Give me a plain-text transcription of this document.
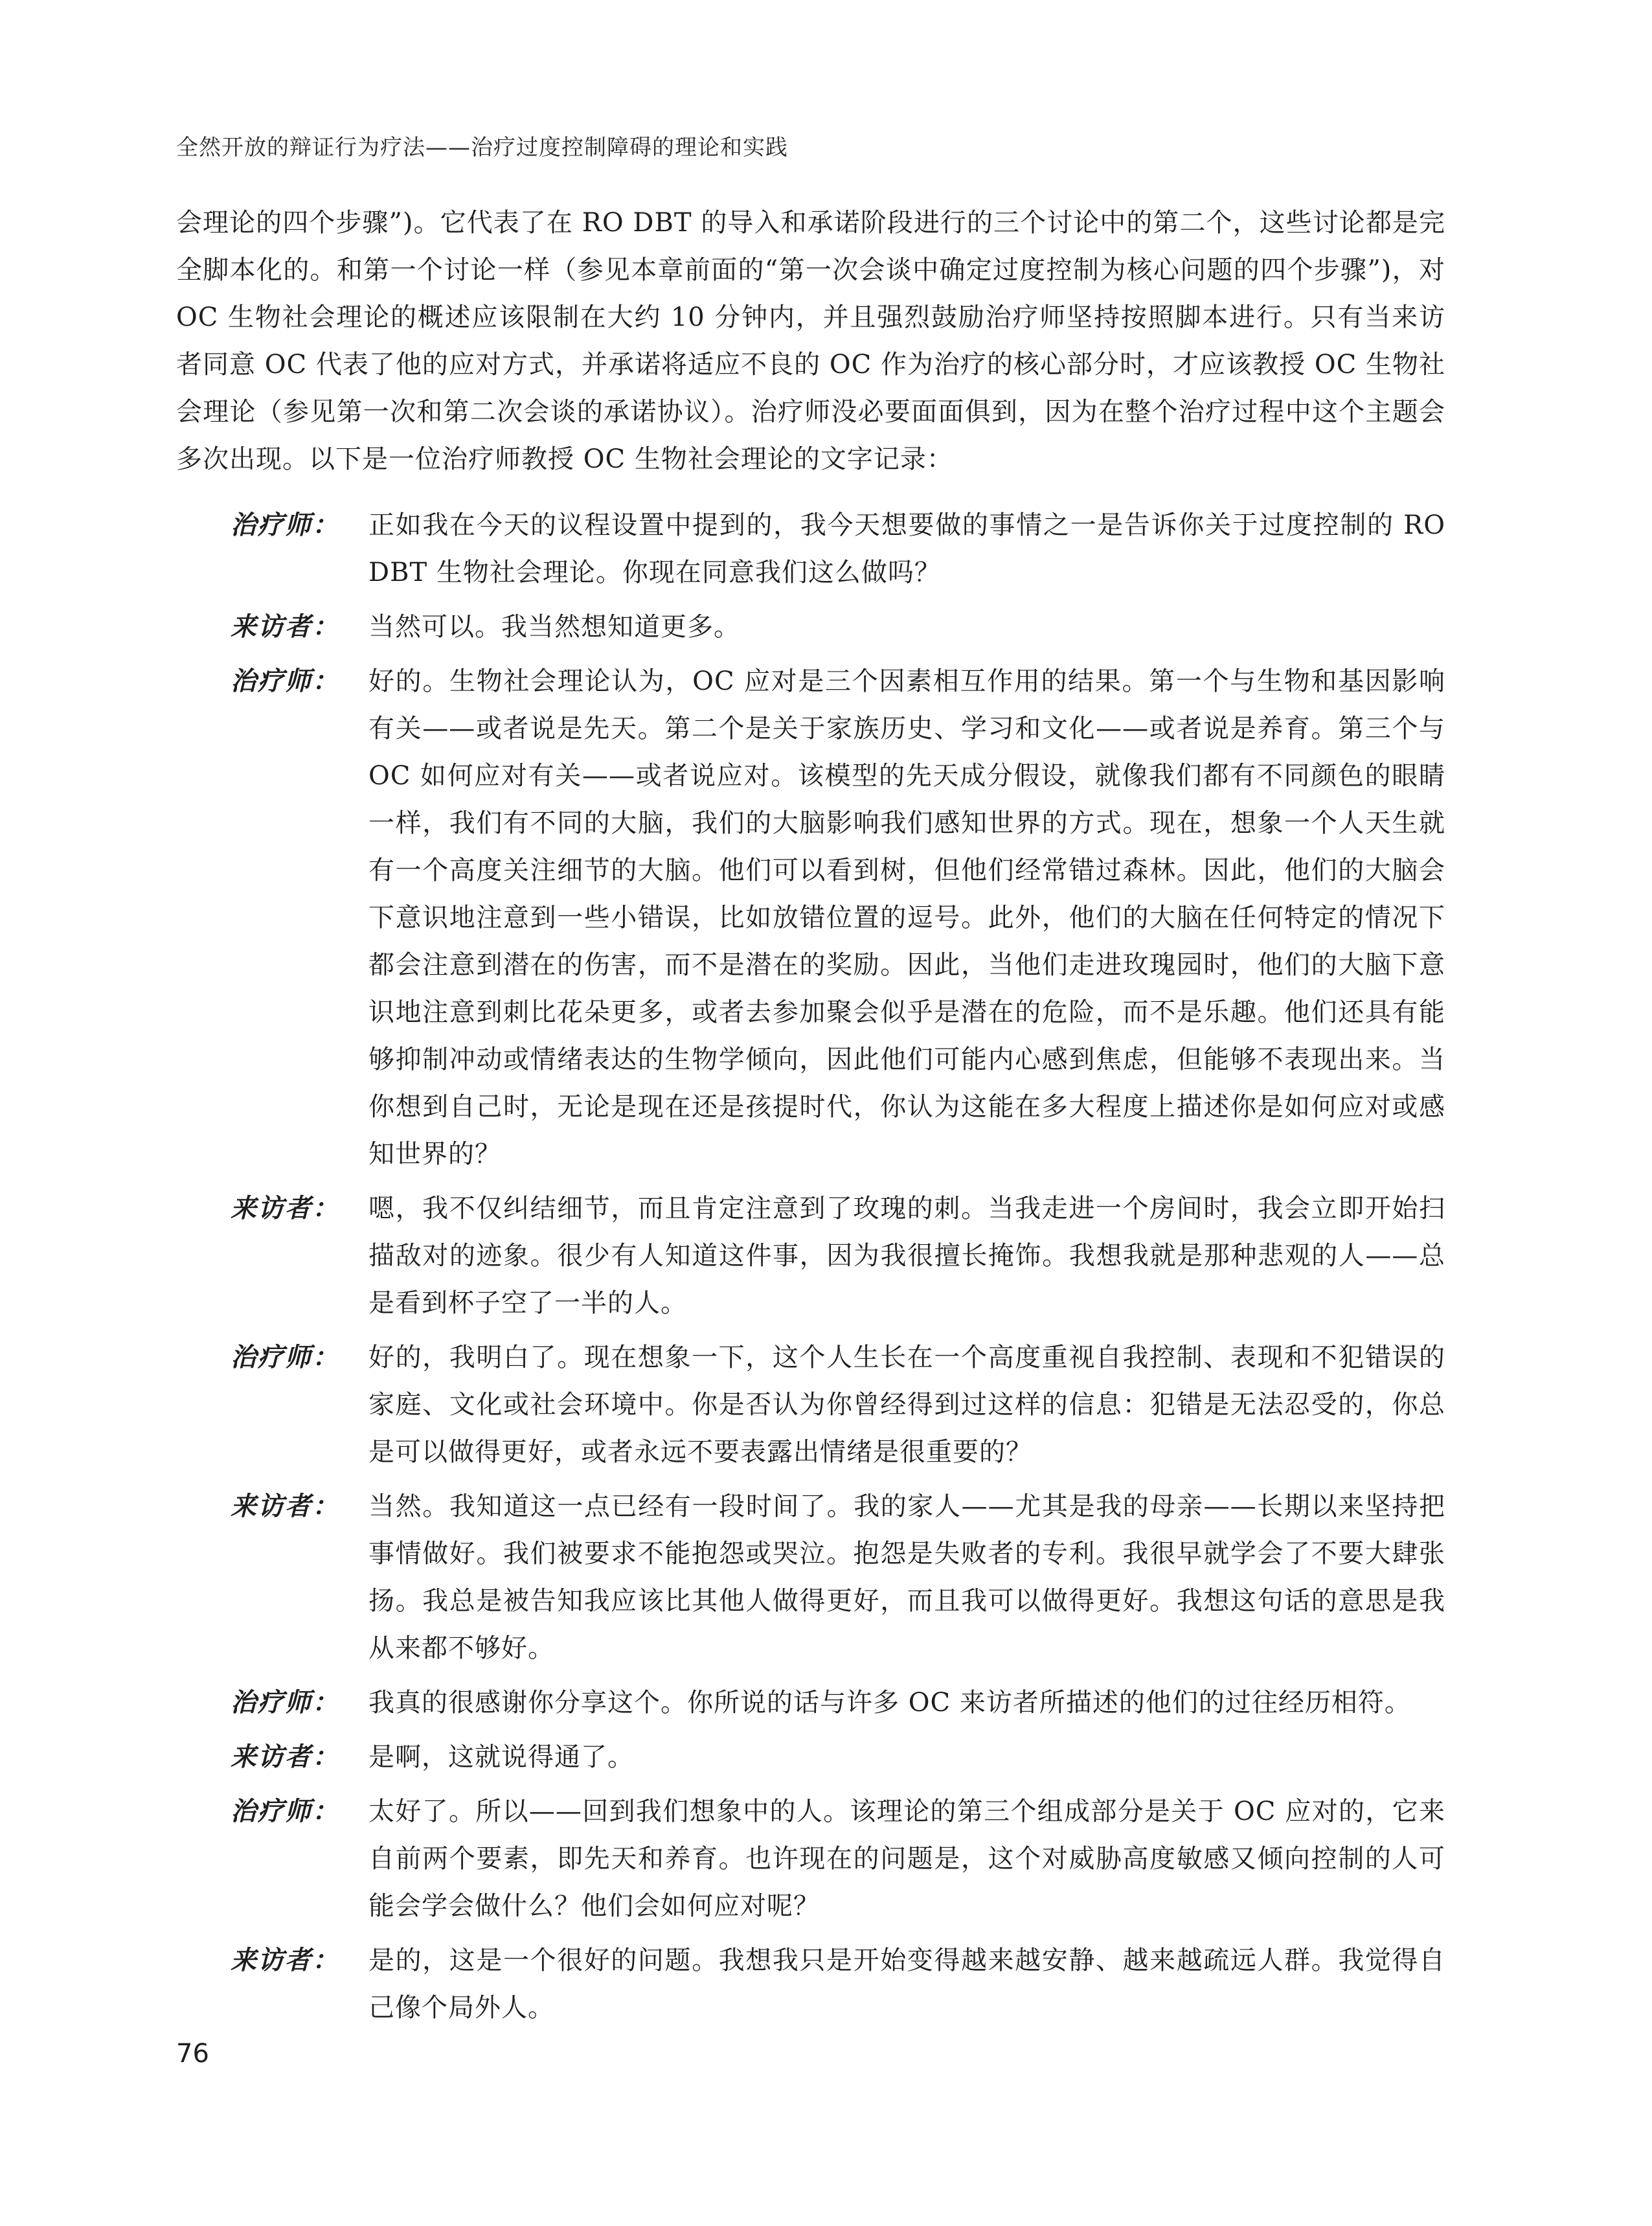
全然开放的辩证行为疗法——治疗过度控制障碍的理论和实践

会理论的四个步骤”)。它代表了在 RO DBT 的导入和承诺阶段进行的三个讨论中的第二个，这些讨论都是完全脚本化的。和第一个讨论一样（参见本章前面的“第一次会谈中确定过度控制为核心问题的四个步骤”)，对 OC 生物社会理论的概述应该限制在大约 10 分钟内，并且强烈鼓励治疗师坚持按照脚本进行。只有当来访者同意 OC 代表了他的应对方式，并承诺将适应不良的 OC 作为治疗的核心部分时，才应该教授 OC 生物社会理论（参见第一次和第二次会谈的承诺协议）。治疗师没必要面面俱到，因为在整个治疗过程中这个主题会多次出现。以下是一位治疗师教授 OC 生物社会理论的文字记录：

治疗师：	正如我在今天的议程设置中提到的，我今天想要做的事情之一是告诉你关于过度控制的 RO DBT 生物社会理论。你现在同意我们这么做吗？

来访者：	当然可以。我当然想知道更多。

治疗师：	好的。生物社会理论认为，OC 应对是三个因素相互作用的结果。第一个与生物和基因影响有关——或者说是先天。第二个是关于家族历史、学习和文化——或者说是养育。第三个与 OC 如何应对有关——或者说应对。该模型的先天成分假设，就像我们都有不同颜色的眼睛一样，我们有不同的大脑，我们的大脑影响我们感知世界的方式。现在，想象一个人天生就有一个高度关注细节的大脑。他们可以看到树，但他们经常错过森林。因此，他们的大脑会下意识地注意到一些小错误，比如放错位置的逗号。此外，他们的大脑在任何特定的情况下都会注意到潜在的伤害，而不是潜在的奖励。因此，当他们走进玫瑰园时，他们的大脑下意识地注意到刺比花朵更多，或者去参加聚会似乎是潜在的危险，而不是乐趣。他们还具有能够抑制冲动或情绪表达的生物学倾向，因此他们可能内心感到焦虑，但能够不表现出来。当你想到自己时，无论是现在还是孩提时代，你认为这能在多大程度上描述你是如何应对或感知世界的？

来访者：	嗯，我不仅纠结细节，而且肯定注意到了玫瑰的刺。当我走进一个房间时，我会立即开始扫描敌对的迹象。很少有人知道这件事，因为我很擅长掩饰。我想我就是那种悲观的人——总是看到杯子空了一半的人。

治疗师：	好的，我明白了。现在想象一下，这个人生长在一个高度重视自我控制、表现和不犯错误的家庭、文化或社会环境中。你是否认为你曾经得到过这样的信息：犯错是无法忍受的，你总是可以做得更好，或者永远不要表露出情绪是很重要的？

来访者：	当然。我知道这一点已经有一段时间了。我的家人——尤其是我的母亲——长期以来坚持把事情做好。我们被要求不能抱怨或哭泣。抱怨是失败者的专利。我很早就学会了不要大肆张扬。我总是被告知我应该比其他人做得更好，而且我可以做得更好。我想这句话的意思是我从来都不够好。

治疗师：	我真的很感谢你分享这个。你所说的话与许多 OC 来访者所描述的他们的过往经历相符。

来访者：	是啊，这就说得通了。

治疗师：	太好了。所以——回到我们想象中的人。该理论的第三个组成部分是关于 OC 应对的，它来自前两个要素，即先天和养育。也许现在的问题是，这个对威胁高度敏感又倾向控制的人可能会学会做什么？他们会如何应对呢？

来访者：	是的，这是一个很好的问题。我想我只是开始变得越来越安静、越来越疏远人群。我觉得自己像个局外人。

76
